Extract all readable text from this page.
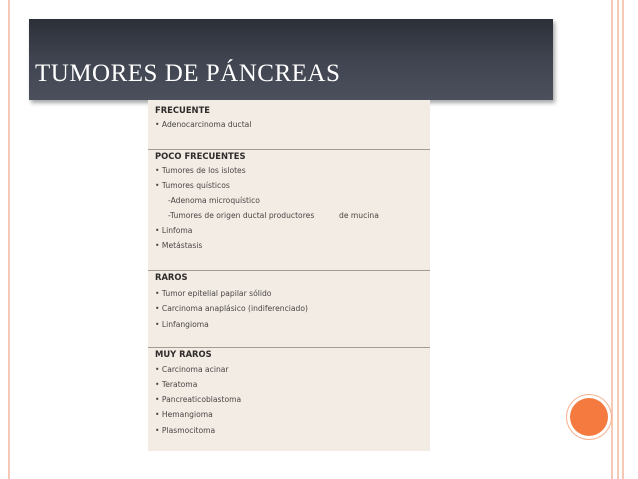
TUMORES DE PÁNCREAS
FRECUENTE
• Adenocarcinoma ductal
POCO FRECUENTES
• Tumores de los islotes
• Tumores quísticos
-Adenoma microquístico
-Tumores de origen ductal productores	de mucina
• Linfoma
• Metástasis
RAROS
• Tumor epitelial papilar sólido
• Carcinoma anaplásico (indiferenciado)
• Linfangioma
MUY RAROS
• Carcinoma acinar
• Teratoma
• Pancreaticoblastoma
• Hemangioma
• Plasmocitoma
